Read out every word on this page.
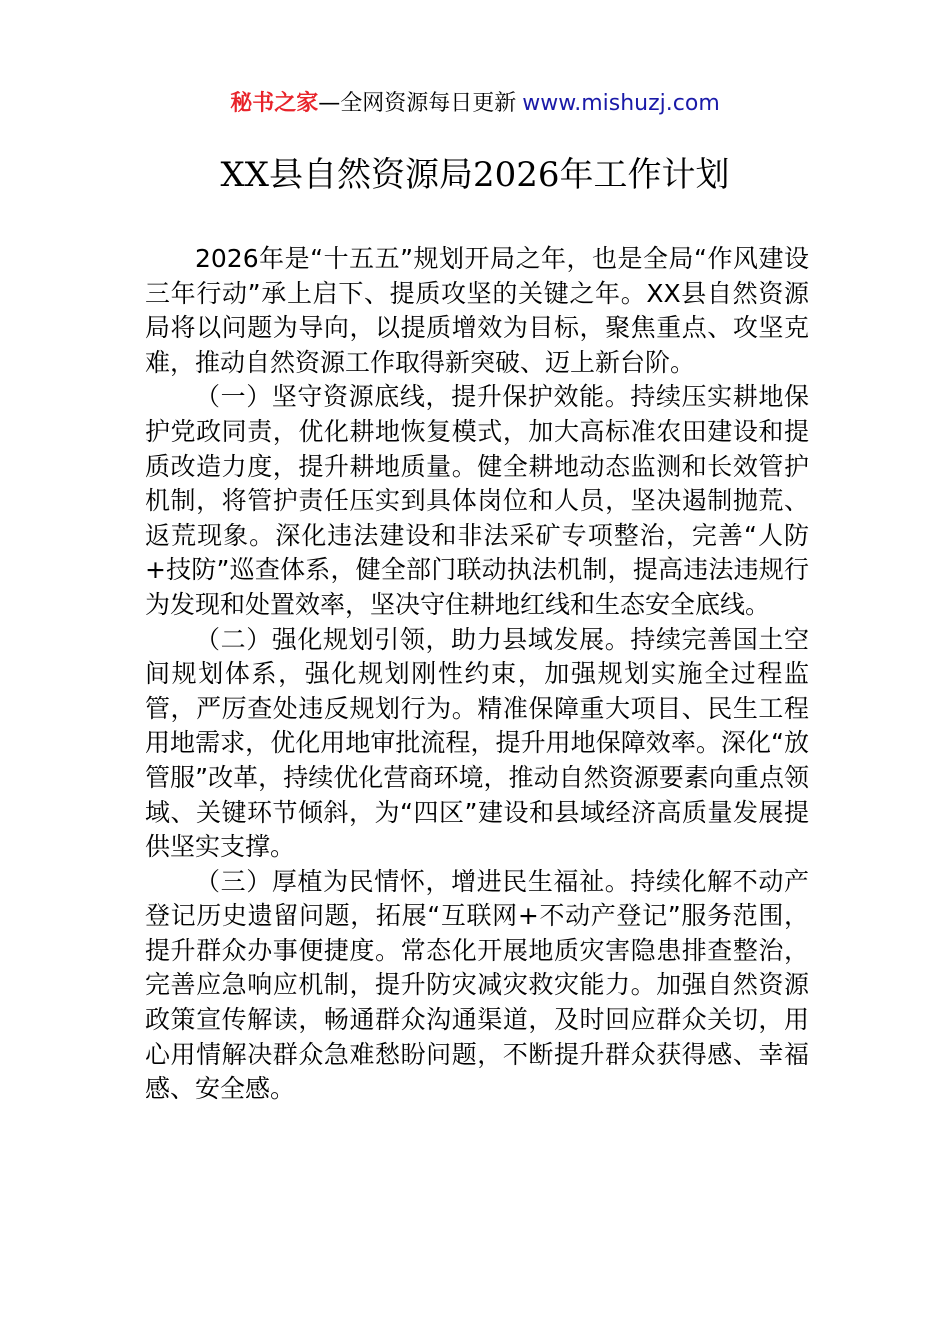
秘书之家—全网资源每日更新 www.mishuzj.com
XX县自然资源局2026年工作计划

2026年是“十五五”规划开局之年，也是全局“作风建设三年行动”承上启下、提质攻坚的关键之年。XX县自然资源局将以问题为导向，以提质增效为目标，聚焦重点、攻坚克难，推动自然资源工作取得新突破、迈上新台阶。

（一）坚守资源底线，提升保护效能。持续压实耕地保护党政同责，优化耕地恢复模式，加大高标准农田建设和提质改造力度，提升耕地质量。健全耕地动态监测和长效管护机制，将管护责任压实到具体岗位和人员，坚决遏制抛荒、返荒现象。深化违法建设和非法采矿专项整治，完善“人防+技防”巡查体系，健全部门联动执法机制，提高违法违规行为发现和处置效率，坚决守住耕地红线和生态安全底线。

（二）强化规划引领，助力县域发展。持续完善国土空间规划体系，强化规划刚性约束，加强规划实施全过程监管，严厉查处违反规划行为。精准保障重大项目、民生工程用地需求，优化用地审批流程，提升用地保障效率。深化“放管服”改革，持续优化营商环境，推动自然资源要素向重点领域、关键环节倾斜，为“四区”建设和县域经济高质量发展提供坚实支撑。

（三）厚植为民情怀，增进民生福祉。持续化解不动产登记历史遗留问题，拓展“互联网+不动产登记”服务范围，提升群众办事便捷度。常态化开展地质灾害隐患排查整治，完善应急响应机制，提升防灾减灾救灾能力。加强自然资源政策宣传解读，畅通群众沟通渠道，及时回应群众关切，用心用情解决群众急难愁盼问题，不断提升群众获得感、幸福感、安全感。
